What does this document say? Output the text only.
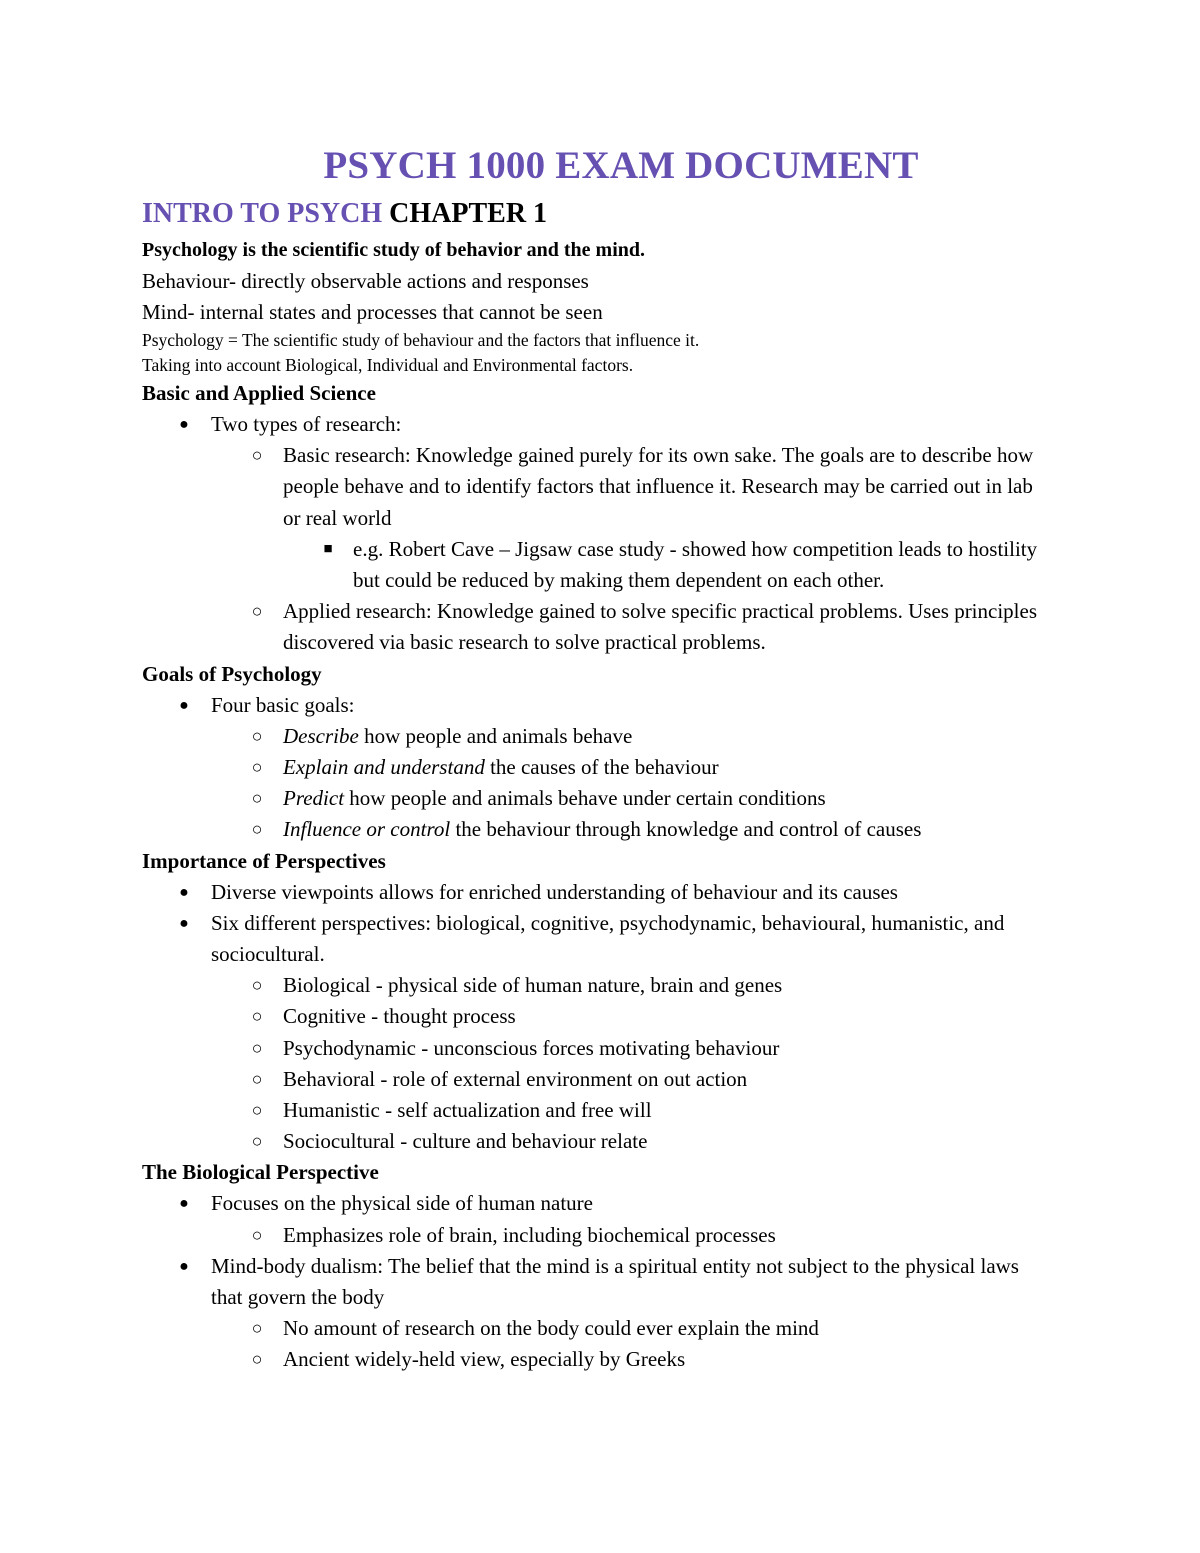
PSYCH 1000 EXAM DOCUMENT
INTRO TO PSYCH CHAPTER 1

Psychology is the scientific study of behavior and the mind.

Behaviour- directly observable actions and responses

Mind- internal states and processes that cannot be seen

Psychology = The scientific study of behaviour and the factors that influence it.

Taking into account Biological, Individual and Environmental factors.

Basic and Applied Science
● Two types of research:
○ Basic research: Knowledge gained purely for its own sake. The goals are to describe how people behave and to identify factors that influence it. Research may be carried out in lab or real world
■ e.g. Robert Cave – Jigsaw case study - showed how competition leads to hostility but could be reduced by making them dependent on each other.
○ Applied research: Knowledge gained to solve specific practical problems. Uses principles discovered via basic research to solve practical problems.
Goals of Psychology
● Four basic goals:
○ Describe how people and animals behave
○ Explain and understand the causes of the behaviour
○ Predict how people and animals behave under certain conditions
○ Influence or control the behaviour through knowledge and control of causes
Importance of Perspectives
● Diverse viewpoints allows for enriched understanding of behaviour and its causes
● Six different perspectives: biological, cognitive, psychodynamic, behavioural, humanistic, and sociocultural.
○ Biological - physical side of human nature, brain and genes
○ Cognitive - thought process
○ Psychodynamic - unconscious forces motivating behaviour
○ Behavioral - role of external environment on out action
○ Humanistic - self actualization and free will
○ Sociocultural - culture and behaviour relate
The Biological Perspective
● Focuses on the physical side of human nature
○ Emphasizes role of brain, including biochemical processes
● Mind-body dualism: The belief that the mind is a spiritual entity not subject to the physical laws that govern the body
○ No amount of research on the body could ever explain the mind
○ Ancient widely-held view, especially by Greeks
